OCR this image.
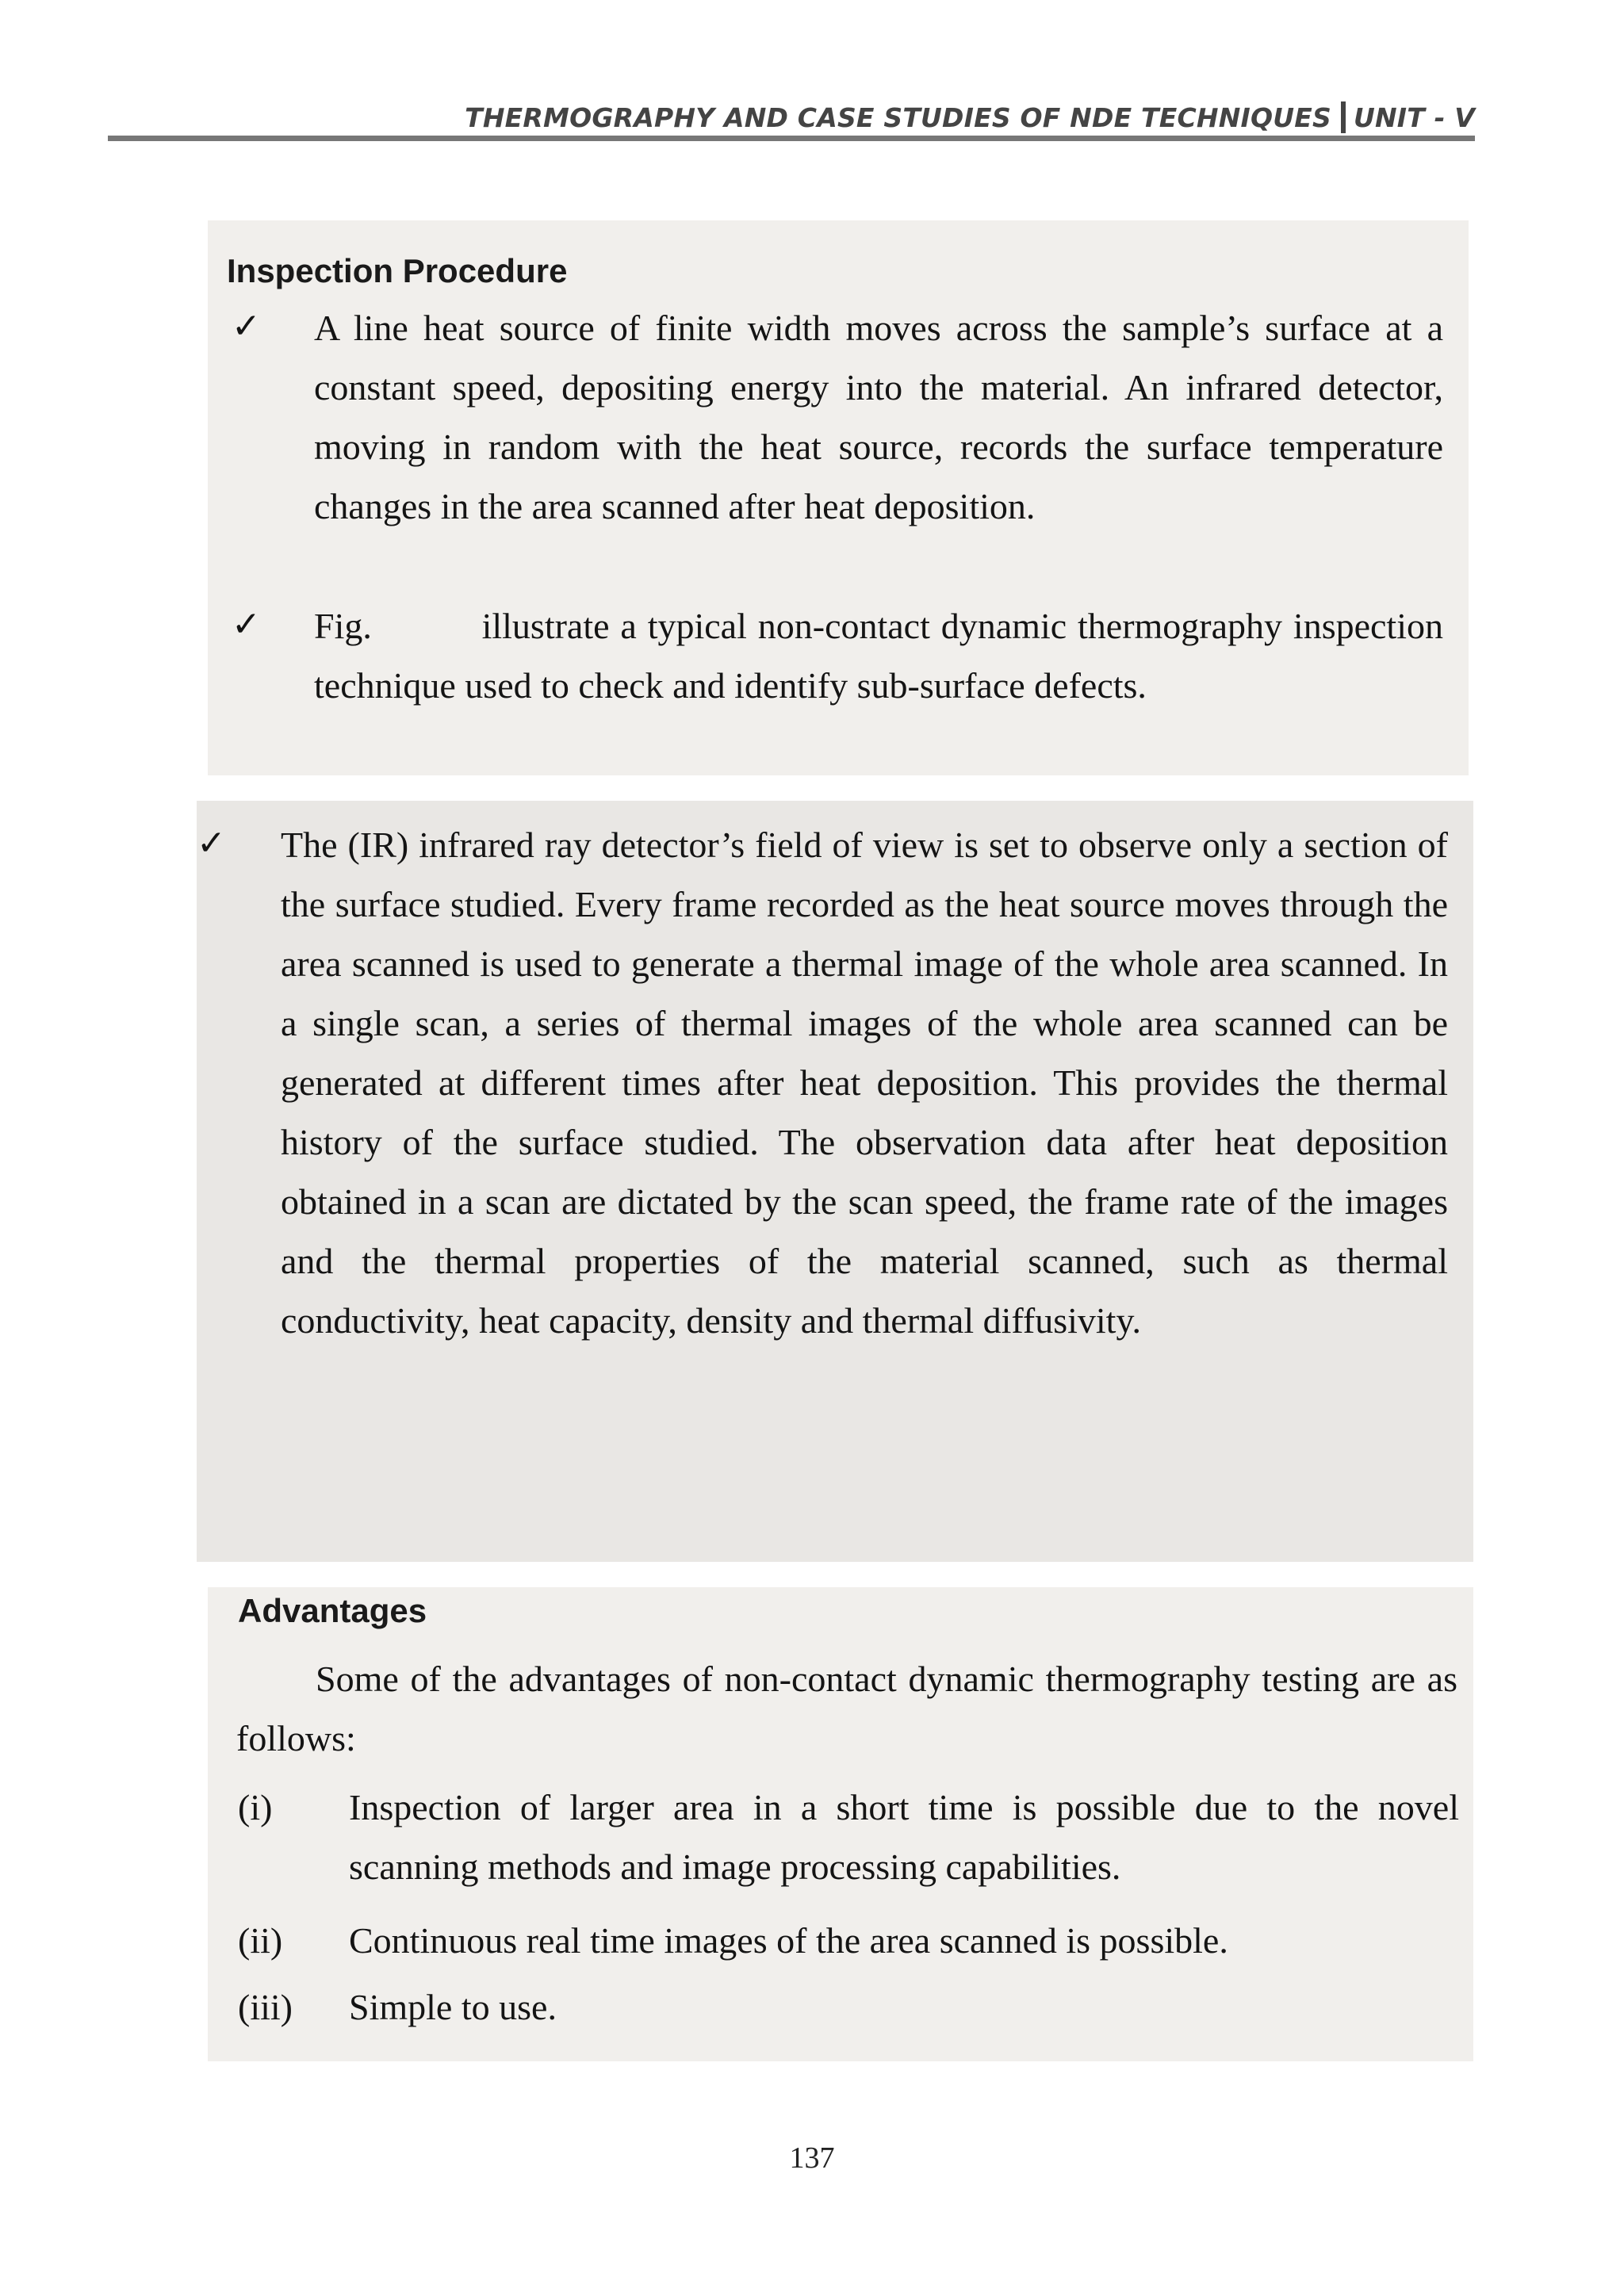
THERMOGRAPHY AND CASE STUDIES OF NDE TECHNIQUES UNIT - V
Inspection Procedure
✓ A line heat source of finite width moves across the sample’s surface at a constant speed, depositing energy into the material. An infrared detector, moving in random with the heat source, records the surface temperature changes in the area scanned after heat deposition.
✓ Fig.          illustrate a typical non-contact dynamic thermography inspection technique used to check and identify sub-surface defects.
✓ The (IR) infrared ray detector’s field of view is set to observe only a section of the surface studied. Every frame recorded as the heat source moves through the area scanned is used to generate a thermal image of the whole area scanned. In a single scan, a series of thermal images of the whole area scanned can be generated at different times after heat deposition. This provides the thermal history of the surface studied. The observation data after heat deposition obtained in a scan are dictated by the scan speed, the frame rate of the images and the thermal properties of the material scanned, such as thermal conductivity, heat capacity, density and thermal diffusivity.
Advantages
Some of the advantages of non-contact dynamic thermography testing are as follows:
(i) Inspection of larger area in a short time is possible due to the novel scanning methods and image processing capabilities.
(ii) Continuous real time images of the area scanned is possible.
(iii) Simple to use.
137
